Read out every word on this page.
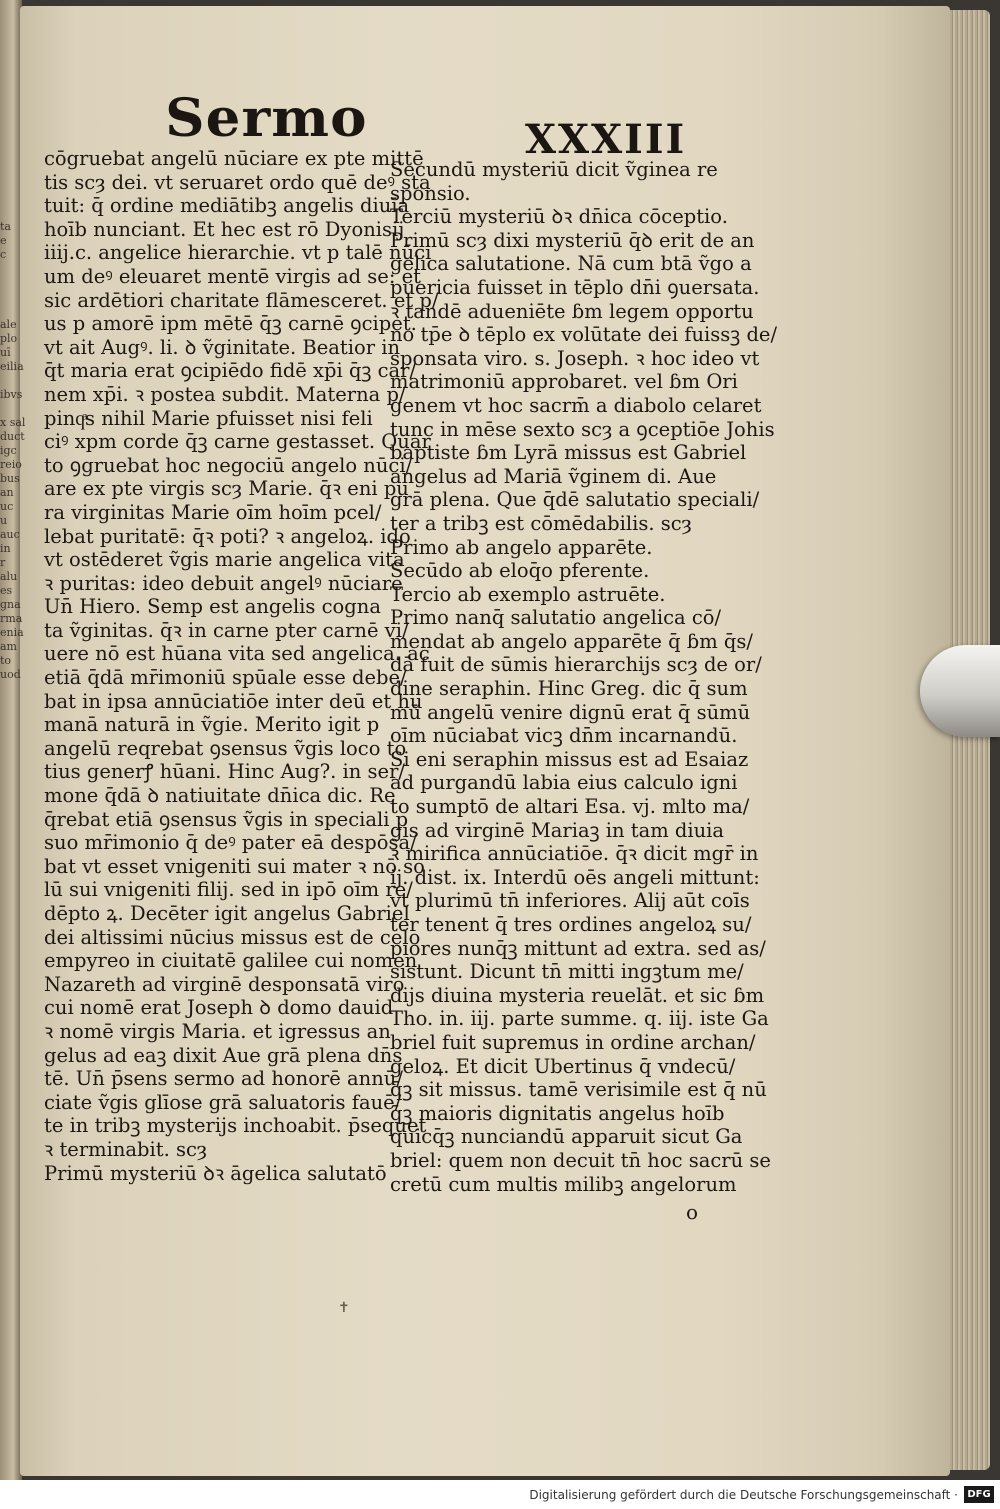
Sermo	XXXIII
ta
e
c

ale
plo
uī
eilia

ibvs

x sal
duct
igc
reio
bus
an
uc
u
auc
in
r
alu
es
gna
rma
enia
am
to
uod
cōgruebat angelū nūciare ex pte mittē
tis scȝ dei. vt seruaret ordo quē deꝰ sta
tuit: q̄ ordine mediātibꝫ angelis diuīa
hoīb nunciant. Et hec est rō Dyonisij
iiij.c. angelice hierarchie. vt p talē nūci
um deꝰ eleuaret mentē virgis ad se: et
sic ardētiori charitate flāmesceret. et p/
us p amorē ipm mētē q̄ꝫ carnē ꝯcipet.
vt ait Augꝰ. li. ꝺ ṽginitate. Beatior in
q̄t maria erat ꝯcipiēdo fidē xp̄i q̄ꝫ car/
nem xp̄i. ꝛ postea subdit. Materna p/
pinqͣs nihil Marie pfuisset nisi feli
ciꝰ xpm corde q̄ꝫ carne gestasset. Quar
to ꝯgruebat hoc negociū angelo nūci/
are ex pte virgis scȝ Marie. q̄ꝛ eni pu
ra virginitas Marie oīm hoīm pcel/
lebat puritatē: q̄ꝛ poti? ꝛ angeloꝝ. ido
vt ostēderet ṽgis marie angelica vita
ꝛ puritas: ideo debuit angelꝰ nūciare
Un̄ Hiero. Semp est angelis cogna
ta ṽginitas. q̄ꝛ in carne pter carnē vi/
uere nō est hūana vita sed angelica. ac
etiā q̄dā mr̄imoniū spūale esse debe/
bat in ipsa annūciatiōe inter deū et hu
manā naturā in ṽgie. Merito igit p
angelū reqrebat ꝯsensus ṽgis loco to
tius generꝭ hūani. Hinc Aug?. in ser/
mone q̄dā ꝺ natiuitate dn̄ica dic. Re
q̄rebat etiā ꝯsensus ṽgis in speciali p
suo mr̄imonio q̄ deꝰ pater eā despōsa/
bat vt esset vnigeniti sui mater ꝛ nō so
lū sui vnigeniti filij. sed in ipō oīm re/
dēpto ꝝ. Decēter igit angelus Gabriel
dei altissimi nūcius missus est de celo
empyreo in ciuitatē galilee cui nomen
Nazareth ad virginē desponsatā viro
cui nomē erat Joseph ꝺ domo dauid
ꝛ nomē virgis Maria. et igressus an
gelus ad eaꝫ dixit Aue grā plena dn̄s
tē. Un̄ p̄sens sermo ad honorē annū/
ciate ṽgis glīose grā saluatoris fauē/
te in tribꝫ mysterijs inchoabit. p̄sequet
ꝛ terminabit. scȝ
Primū mysteriū ꝺꝛ āgelica salutatō
Secundū mysteriū dicit ṽginea re
sponsio.
Terciū mysteriū ꝺꝛ dn̄ica cōceptio.
Primū scȝ dixi mysteriū q̄ꝺ erit de an
gelica salutatione. Nā cum btā ṽgo a
puericia fuisset in tēplo dn̄i ꝯuersata.
ꝛ tandē adueniēte ɓm legem opportu
no tp̄e ꝺ tēplo ex volūtate dei fuissꝫ de/
sponsata viro. s. Joseph. ꝛ hoc ideo vt
matrimoniū approbaret. vel ɓm Ori
genem vt hoc sacrm̄ a diabolo celaret
tunc in mēse sexto scȝ a ꝯceptiōe Johis
baptiste ɓm Lyrā missus est Gabriel
angelus ad Mariā ṽginem di. Aue
grā plena. Que q̄dē salutatio speciali/
ter a tribꝫ est cōmēdabilis. scȝ
Primo ab angelo apparēte.
Secūdo ab eloq̄o pferente.
Tercio ab exemplo astruēte.
Primo nanq̄ salutatio angelica cō/
mendat ab angelo apparēte q̄ ɓm q̄s/
dā fuit de sūmis hierarchijs scȝ de or/
dine seraphin. Hinc Greg. dic q̄ sum
mū angelū venire dignū erat q̄ sūmū
oīm nūciabat vicꝫ dn̄m incarnandū.
Si eni seraphin missus est ad Esaiaz
ad purgandū labia eius calculo igni
to sumptō de altari Esa. vj. mlto ma/
gis ad virginē Mariaꝫ in tam diuia
ꝛ mirifica annūciatiōe. q̄ꝛ dicit mgr̄ in
ij. dist. ix. Interdū oēs angeli mittunt:
vt plurimū tn̄ inferiores. Alij aūt coīs
ter tenent q̄ tres ordines angeloꝝ su/
piores nunq̄ꝫ mittunt ad extra. sed as/
sistunt. Dicunt tn̄ mitti ingꝫtum me/
dijs diuina mysteria reuelāt. et sic ɓm
Tho. in. iij. parte summe. q. iij. iste Ga
briel fuit supremus in ordine archan/
geloꝝ. Et dicit Ubertinus q̄ vndecū/
q̄ꝫ sit missus. tamē verisimile est q̄ nū
q̄ꝫ maioris dignitatis angelus hoīb
quicq̄ꝫ nunciandū apparuit sicut Ga
briel: quem non decuit tn̄ hoc sacrū se
cretū cum multis milibꝫ angelorum
o
✝
Digitalisierung gefördert durch die Deutsche Forschungsgemeinschaft · DFG
